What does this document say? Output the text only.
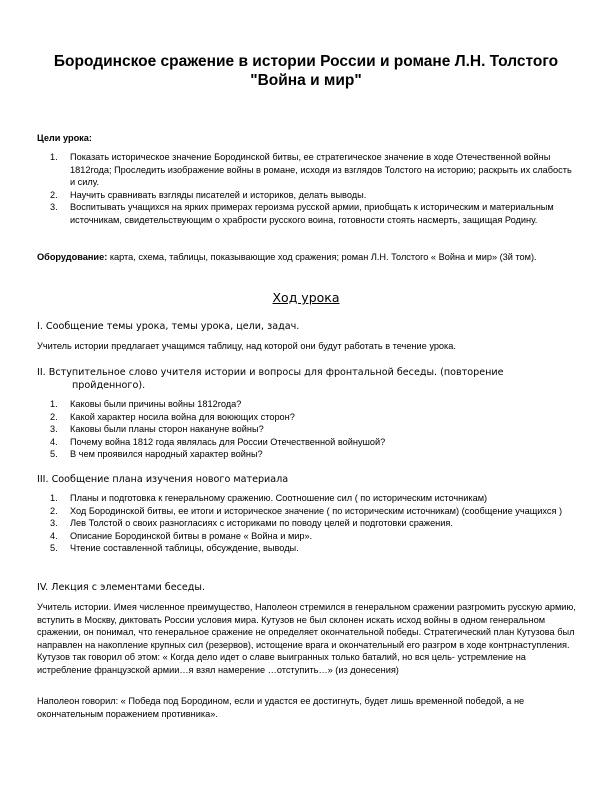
Бородинское сражение в истории России и романе Л.Н. Толстого "Война и мир"
Цели урока:
1. Показать историческое значение Бородинской битвы, ее стратегическое значение в ходе Отечественной войны 1812года; Проследить изображение войны в романе, исходя из взглядов Толстого на историю; раскрыть их слабость и силу.
2. Научить сравнивать взгляды писателей и историков, делать выводы.
3. Воспитывать учащихся на ярких примерах героизма русской армии, приобщать к историческим и материальным источникам, свидетельствующим о храбрости русского воина, готовности стоять насмерть, защищая Родину.
Оборудование: карта, схема, таблицы, показывающие ход сражения; роман Л.Н. Толстого « Война и мир» (3й том).
Ход урока
I. Сообщение темы урока, темы урока, цели, задач.
Учитель истории предлагает учащимся таблицу, над которой они будут работать в течение урока.
II. Вступительное слово учителя истории и вопросы для фронтальной беседы. (повторение пройденного).
1. Каковы были причины войны 1812года?
2. Какой характер носила война для воюющих сторон?
3. Каковы были планы сторон накануне войны?
4. Почему война 1812 года являлась для России Отечественной войнушой?
5. В чем проявился народный характер войны?
III. Сообщение плана изучения нового материала
1. Планы и подготовка к генеральному сражению. Соотношение сил ( по историческим источникам)
2. Ход Бородинской битвы, ее итоги и историческое значение ( по историческим источникам) (сообщение учащихся )
3. Лев Толстой о своих разногласиях с историками по поводу целей и подготовки сражения.
4. Описание Бородинской битвы в романе « Война и мир».
5. Чтение составленной таблицы, обсуждение, выводы.
IV. Лекция с элементами беседы.
Учитель истории. Имея численное преимущество, Наполеон стремился в генеральном сражении разгромить русскую армию, вступить в Москву, диктовать России условия мира. Кутузов не был склонен искать исход войны в одном генеральном сражении, он понимал, что генеральное сражение не определяет окончательной победы. Стратегический план Кутузова был направлен на накопление крупных сил (резервов), истощение врага и окончательный его разгром в ходе контрнаступления. Кутузов так говорил об этом: « Когда дело идет о славе выигранных только баталий, но вся цель- устремление на истребление французской армии…я взял намерение …отступить…» (из донесения)
Наполеон говорил: « Победа под Бородином, если и удастся ее достигнуть, будет лишь временной победой, а не окончательным поражением противника».
